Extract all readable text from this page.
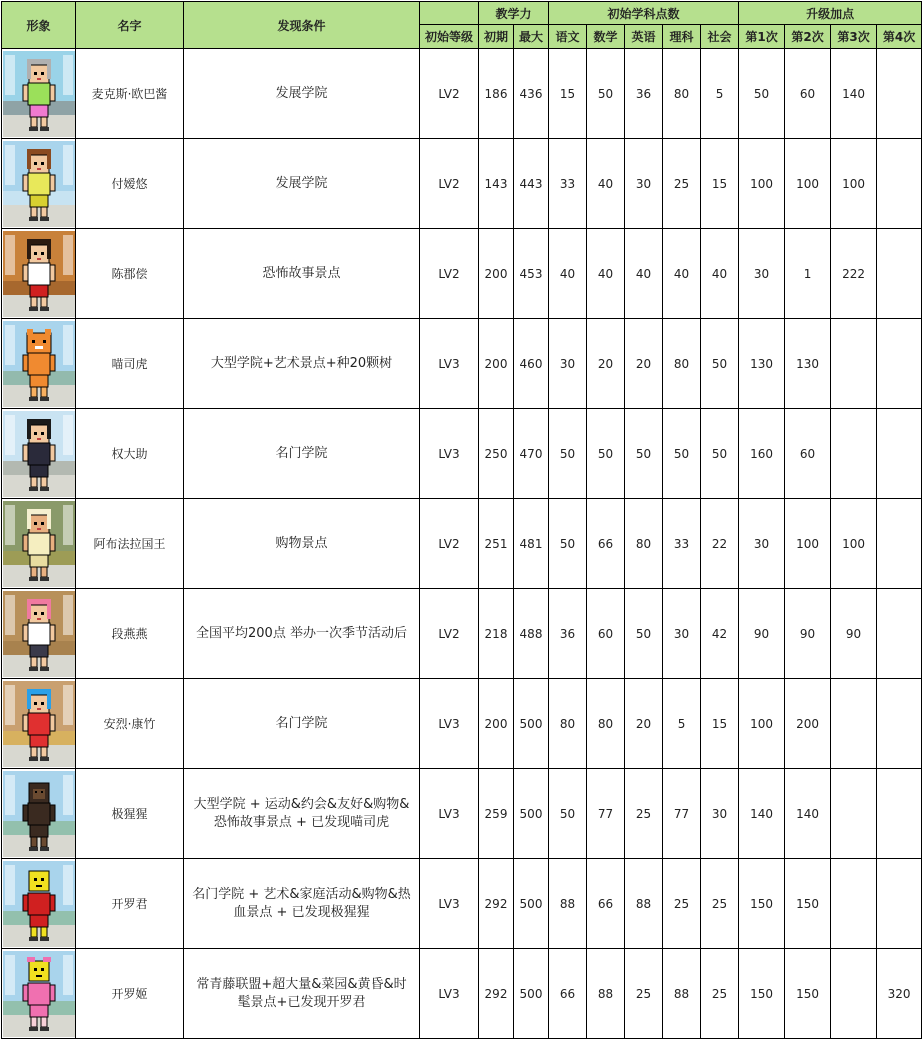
形象	名字	发现条件		教学力		初始学科点数					升级加点			
			初始等级	初期	最大	语文	数学	英语	理科	社会	第1次	第2次	第3次	第4次

	麦克斯·欧巴酱	发展学院	LV2	186	436	15	50	36	80	5	50	60	140	

	付嫒悠	发展学院	LV2	143	443	33	40	30	25	15	100	100	100	

	陈郡偿	恐怖故事景点	LV2	200	453	40	40	40	40	40	30	1	222	

	喵司虎	大型学院+艺术景点+种20颗树	LV3	200	460	30	20	20	80	50	130	130		

	权大助	名门学院	LV3	250	470	50	50	50	50	50	160	60		

	阿布法拉国王	购物景点	LV2	251	481	50	66	80	33	22	30	100	100	

	段燕燕	全国平均200点 举办一次季节活动后	LV2	218	488	36	60	50	30	42	90	90	90	

	安烈·康竹	名门学院	LV3	200	500	80	80	20	5	15	100	200		

	极猩猩	大型学院 + 运动&约会&友好&购物&恐怖故事景点 + 已发现喵司虎	LV3	259	500	50	77	25	77	30	140	140		

	开罗君	名门学院 + 艺术&家庭活动&购物&热血景点 + 已发现极猩猩	LV3	292	500	88	66	88	25	25	150	150		

	开罗姬	常青藤联盟+超大量&菜园&黄昏&时髦景点+已发现开罗君	LV3	292	500	66	88	25	88	25	150	150		320
